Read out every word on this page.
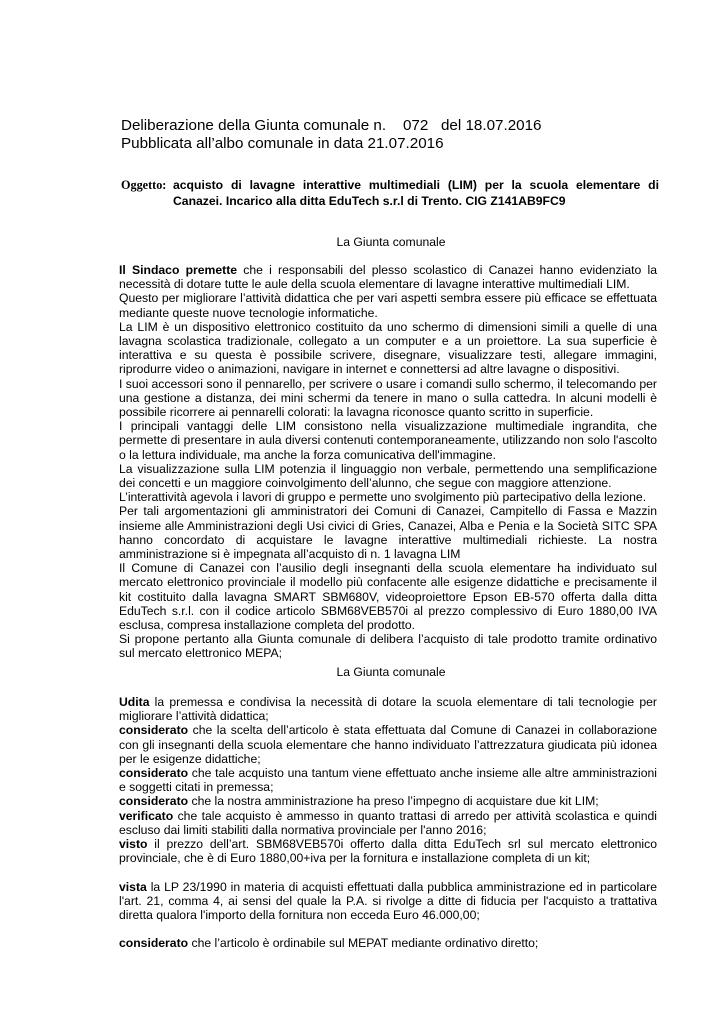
Deliberazione della Giunta comunale n.    072   del 18.07.2016
Pubblicata all’albo comunale in data 21.07.2016
Oggetto: acquisto di lavagne interattive multimediali (LIM) per la scuola elementare di
Canazei. Incarico alla ditta EduTech s.r.l di Trento. CIG Z141AB9FC9
La Giunta comunale

Il Sindaco premette che i responsabili del plesso scolastico di Canazei hanno evidenziato la necessità di dotare tutte le aule della scuola elementare di lavagne interattive multimediali LIM.

Questo per migliorare l’attività didattica che per vari aspetti sembra essere più efficace se effettuata mediante queste nuove tecnologie informatiche.

La LIM è un dispositivo elettronico costituito da uno schermo di dimensioni simili a quelle di una lavagna scolastica tradizionale, collegato a un computer e a un proiettore. La sua superficie è interattiva e su questa è possibile scrivere, disegnare, visualizzare testi, allegare immagini, riprodurre video o animazioni, navigare in internet e connettersi ad altre lavagne o dispositivi.

I suoi accessori sono il pennarello, per scrivere o usare i comandi sullo schermo, il telecomando per una gestione a distanza, dei mini schermi da tenere in mano o sulla cattedra. In alcuni modelli è possibile ricorrere ai pennarelli colorati: la lavagna riconosce quanto scritto in superficie.

I principali vantaggi delle LIM consistono nella visualizzazione multimediale ingrandita, che permette di presentare in aula diversi contenuti contemporaneamente, utilizzando non solo l'ascolto o la lettura individuale, ma anche la forza comunicativa dell'immagine.

La visualizzazione sulla LIM potenzia il linguaggio non verbale, permettendo una semplificazione dei concetti e un maggiore coinvolgimento dell’alunno, che segue con maggiore attenzione.

L’interattività agevola i lavori di gruppo e permette uno svolgimento più partecipativo della lezione.

Per tali argomentazioni gli amministratori dei Comuni di Canazei, Campitello di Fassa e Mazzin insieme alle Amministrazioni degli Usi civici di Gries, Canazei, Alba e Penia e la Società SITC SPA hanno concordato di acquistare le lavagne interattive multimediali richieste. La nostra amministrazione si è impegnata all’acquisto di n. 1 lavagna LIM

Il Comune di Canazei con l’ausilio degli insegnanti della scuola elementare ha individuato sul mercato elettronico provinciale il modello più confacente alle esigenze didattiche e precisamente il kit costituito dalla lavagna SMART SBM680V, videoproiettore Epson EB-570 offerta dalla ditta EduTech s.r.l. con il codice articolo SBM68VEB570i al prezzo complessivo di Euro 1880,00 IVA esclusa, compresa installazione completa del prodotto.

Si propone pertanto alla Giunta comunale di delibera l’acquisto di tale prodotto tramite ordinativo sul mercato elettronico MEPA;

La Giunta comunale

Udita la premessa e condivisa la necessità di dotare la scuola elementare di tali tecnologie per migliorare l’attività didattica;

considerato che la scelta dell’articolo è stata effettuata dal Comune di Canazei in collaborazione con gli insegnanti della scuola elementare che hanno individuato l’attrezzatura giudicata più idonea per le esigenze didattiche;

considerato che tale acquisto una tantum viene effettuato anche insieme alle altre amministrazioni e soggetti citati in premessa;

considerato che la nostra amministrazione ha preso l’impegno di acquistare due kit LIM;

verificato che tale acquisto è ammesso in quanto trattasi di arredo per attività scolastica e quindi escluso dai limiti stabiliti dalla normativa provinciale per l'anno 2016;

visto il prezzo dell’art. SBM68VEB570i offerto dalla ditta EduTech srl sul mercato elettronico provinciale, che è di Euro 1880,00+iva per la fornitura e installazione completa di un kit;

vista la LP 23/1990 in materia di acquisti effettuati dalla pubblica amministrazione ed in particolare l'art. 21, comma 4, ai sensi del quale la P.A. si rivolge a ditte di fiducia per l'acquisto a trattativa diretta qualora l'importo della fornitura non ecceda Euro 46.000,00;

considerato che l’articolo è ordinabile sul MEPAT mediante ordinativo diretto;
